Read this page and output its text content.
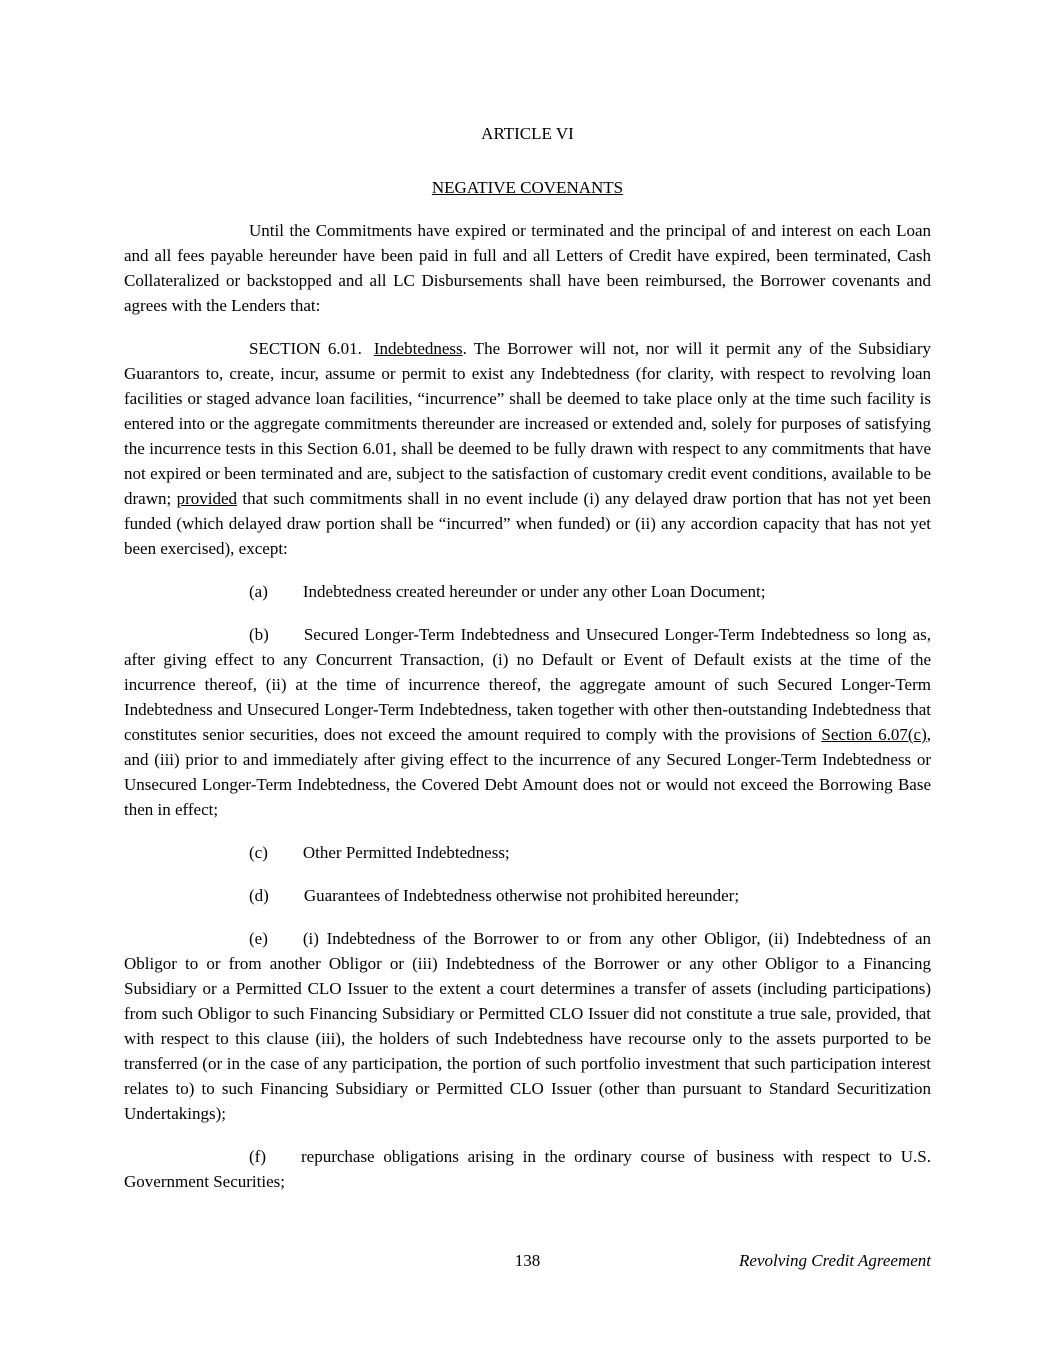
ARTICLE VI

NEGATIVE COVENANTS

Until the Commitments have expired or terminated and the principal of and interest on each Loan and all fees payable hereunder have been paid in full and all Letters of Credit have expired, been terminated, Cash Collateralized or backstopped and all LC Disbursements shall have been reimbursed, the Borrower covenants and agrees with the Lenders that:

SECTION 6.01. Indebtedness. The Borrower will not, nor will it permit any of the Subsidiary Guarantors to, create, incur, assume or permit to exist any Indebtedness (for clarity, with respect to revolving loan facilities or staged advance loan facilities, “incurrence” shall be deemed to take place only at the time such facility is entered into or the aggregate commitments thereunder are increased or extended and, solely for purposes of satisfying the incurrence tests in this Section 6.01, shall be deemed to be fully drawn with respect to any commitments that have not expired or been terminated and are, subject to the satisfaction of customary credit event conditions, available to be drawn; provided that such commitments shall in no event include (i) any delayed draw portion that has not yet been funded (which delayed draw portion shall be “incurred” when funded) or (ii) any accordion capacity that has not yet been exercised), except:

(a) Indebtedness created hereunder or under any other Loan Document;

(b) Secured Longer-Term Indebtedness and Unsecured Longer-Term Indebtedness so long as, after giving effect to any Concurrent Transaction, (i) no Default or Event of Default exists at the time of the incurrence thereof, (ii) at the time of incurrence thereof, the aggregate amount of such Secured Longer-Term Indebtedness and Unsecured Longer-Term Indebtedness, taken together with other then-outstanding Indebtedness that constitutes senior securities, does not exceed the amount required to comply with the provisions of Section 6.07(c), and (iii) prior to and immediately after giving effect to the incurrence of any Secured Longer-Term Indebtedness or Unsecured Longer-Term Indebtedness, the Covered Debt Amount does not or would not exceed the Borrowing Base then in effect;

(c) Other Permitted Indebtedness;

(d) Guarantees of Indebtedness otherwise not prohibited hereunder;

(e) (i) Indebtedness of the Borrower to or from any other Obligor, (ii) Indebtedness of an Obligor to or from another Obligor or (iii) Indebtedness of the Borrower or any other Obligor to a Financing Subsidiary or a Permitted CLO Issuer to the extent a court determines a transfer of assets (including participations) from such Obligor to such Financing Subsidiary or Permitted CLO Issuer did not constitute a true sale, provided, that with respect to this clause (iii), the holders of such Indebtedness have recourse only to the assets purported to be transferred (or in the case of any participation, the portion of such portfolio investment that such participation interest relates to) to such Financing Subsidiary or Permitted CLO Issuer (other than pursuant to Standard Securitization Undertakings);

(f) repurchase obligations arising in the ordinary course of business with respect to U.S. Government Securities;

138	Revolving Credit Agreement
